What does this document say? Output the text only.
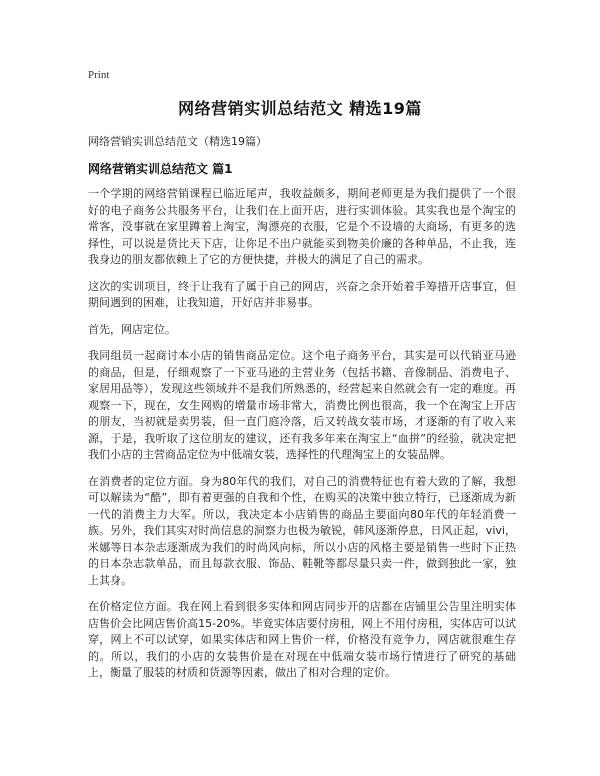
Print
网络营销实训总结范文 精选19篇
网络营销实训总结范文（精选19篇）
网络营销实训总结范文 篇1

一个学期的网络营销课程已临近尾声，我收益颇多，期间老师更是为我们提供了一个很好的电子商务公共服务平台，让我们在上面开店，进行实训体验。其实我也是个淘宝的常客，没事就在家里蹲着上淘宝，淘漂亮的衣服，它是个不设墙的大商场，有更多的选择性，可以说是货比天下店，让你足不出户就能买到物美价廉的各种单品，不止我，连我身边的朋友都依赖上了它的方便快捷，并极大的满足了自己的需求。

这次的实训项目，终于让我有了属于自己的网店，兴奋之余开始着手筹措开店事宜，但期间遇到的困难，让我知道，开好店并非易事。

首先，网店定位。

我同组员一起商讨本小店的销售商品定位。这个电子商务平台，其实是可以代销亚马逊的商品，但是，仔细观察了一下亚马逊的主营业务（包括书籍、音像制品、消费电子、家居用品等），发现这些领域并不是我们所熟悉的，经营起来自然就会有一定的难度。再观察一下，现在，女生网购的增量市场非常大，消费比例也很高，我一个在淘宝上开店的朋友，当初就是卖男装，但一直门庭冷落，后又转战女装市场，才逐渐的有了收入来源，于是，我听取了这位朋友的建议，还有我多年来在淘宝上“血拼”的经验，就决定把我们小店的主营商品定位为中低端女装，选择性的代理淘宝上的女装品牌。

在消费者的定位方面。身为80年代的我们，对自己的消费特征也有着大致的了解，我想可以解读为“酷”，即有着更强的自我和个性，在购买的决策中独立特行，已逐渐成为新一代的消费主力大军。所以，我决定本小店销售的商品主要面向80年代的年轻消费一族。另外，我们其实对时尚信息的洞察力也极为敏锐，韩风逐渐停息，日风正起，vivi，米娜等日本杂志逐渐成为我们的时尚风向标，所以小店的风格主要是销售一些时下正热的日本杂志款单品，而且每款衣服、饰品、鞋靴等都尽量只卖一件，做到独此一家，独上其身。

在价格定位方面。我在网上看到很多实体和网店同步开的店都在店铺里公告里注明实体店售价会比网店售价高15-20%。毕竟实体店要付房租，网上不用付房租，实体店可以试穿，网上不可以试穿，如果实体店和网上售价一样，价格没有竞争力，网店就很难生存的。所以，我们的小店的女装售价是在对现在中低端女装市场行情进行了研究的基础上，衡量了服装的材质和货源等因素，做出了相对合理的定价。
